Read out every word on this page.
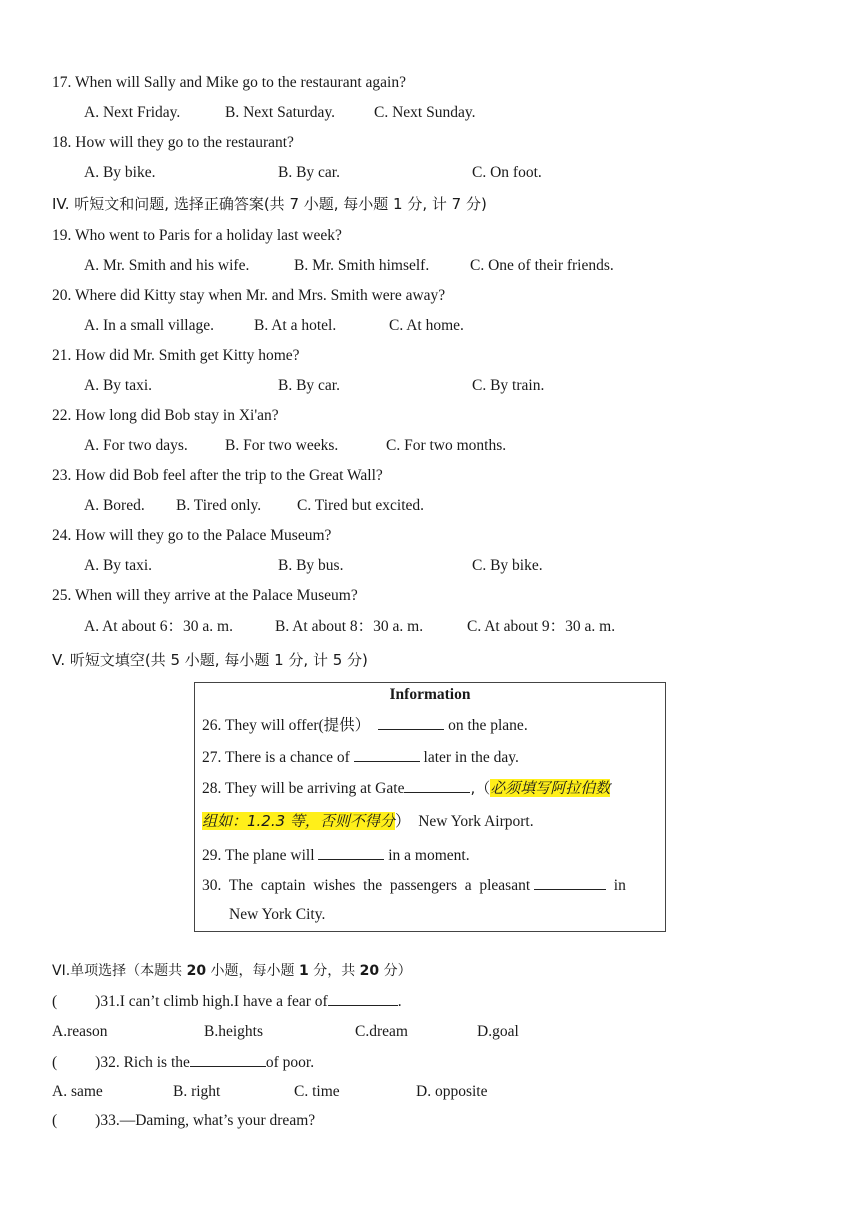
17. When will Sally and Mike go to the restaurant again?
A. Next Friday.	B. Next Saturday.	C. Next Sunday.
18. How will they go to the restaurant?
A. By bike.	B. By car.	C. On foot.
IV. 听短文和问题, 选择正确答案(共 7 小题, 每小题 1 分, 计 7 分)
19. Who went to Paris for a holiday last week?
A. Mr. Smith and his wife.	B. Mr. Smith himself.	C. One of their friends.
20. Where did Kitty stay when Mr. and Mrs. Smith were away?
A. In a small village.	B. At a hotel.	C. At home.
21. How did Mr. Smith get Kitty home?
A. By taxi.	B. By car.	C. By train.
22. How long did Bob stay in Xi'an?
A. For two days. B. For two weeks.	C. For two months.
23. How did Bob feel after the trip to the Great Wall?
A. Bored. B. Tired only. C. Tired but excited.
24. How will they go to the Palace Museum?
A. By taxi.	B. By bus.	C. By bike.
25. When will they arrive at the Palace Museum?
A. At about 6：30 a. m.	B. At about 8：30 a. m.	C. At about 9：30 a. m.
V. 听短文填空(共 5 小题, 每小题 1 分, 计 5 分)
Information
26. They will offer(提供）	on the plane.
27. There is a chance of	later in the day.
28. They will be arriving at Gate	,（必须填写阿拉伯数
组如：1.2.3 等，否则不得分）  New York Airport.
29. The plane will	in a moment.
30.  The  captain  wishes  the  passengers  a  pleasant	in
New York City.
VI.单项选择（本题共 20 小题，每小题 1 分，共 20 分）
( )31.I can’t climb high.I have a fear of	.
A.reason	B.heights	C.dream	D.goal
( )32. Rich is the	of poor.
A. same	B. right	C. time	D. opposite
( )33.—Daming, what’s your dream?
